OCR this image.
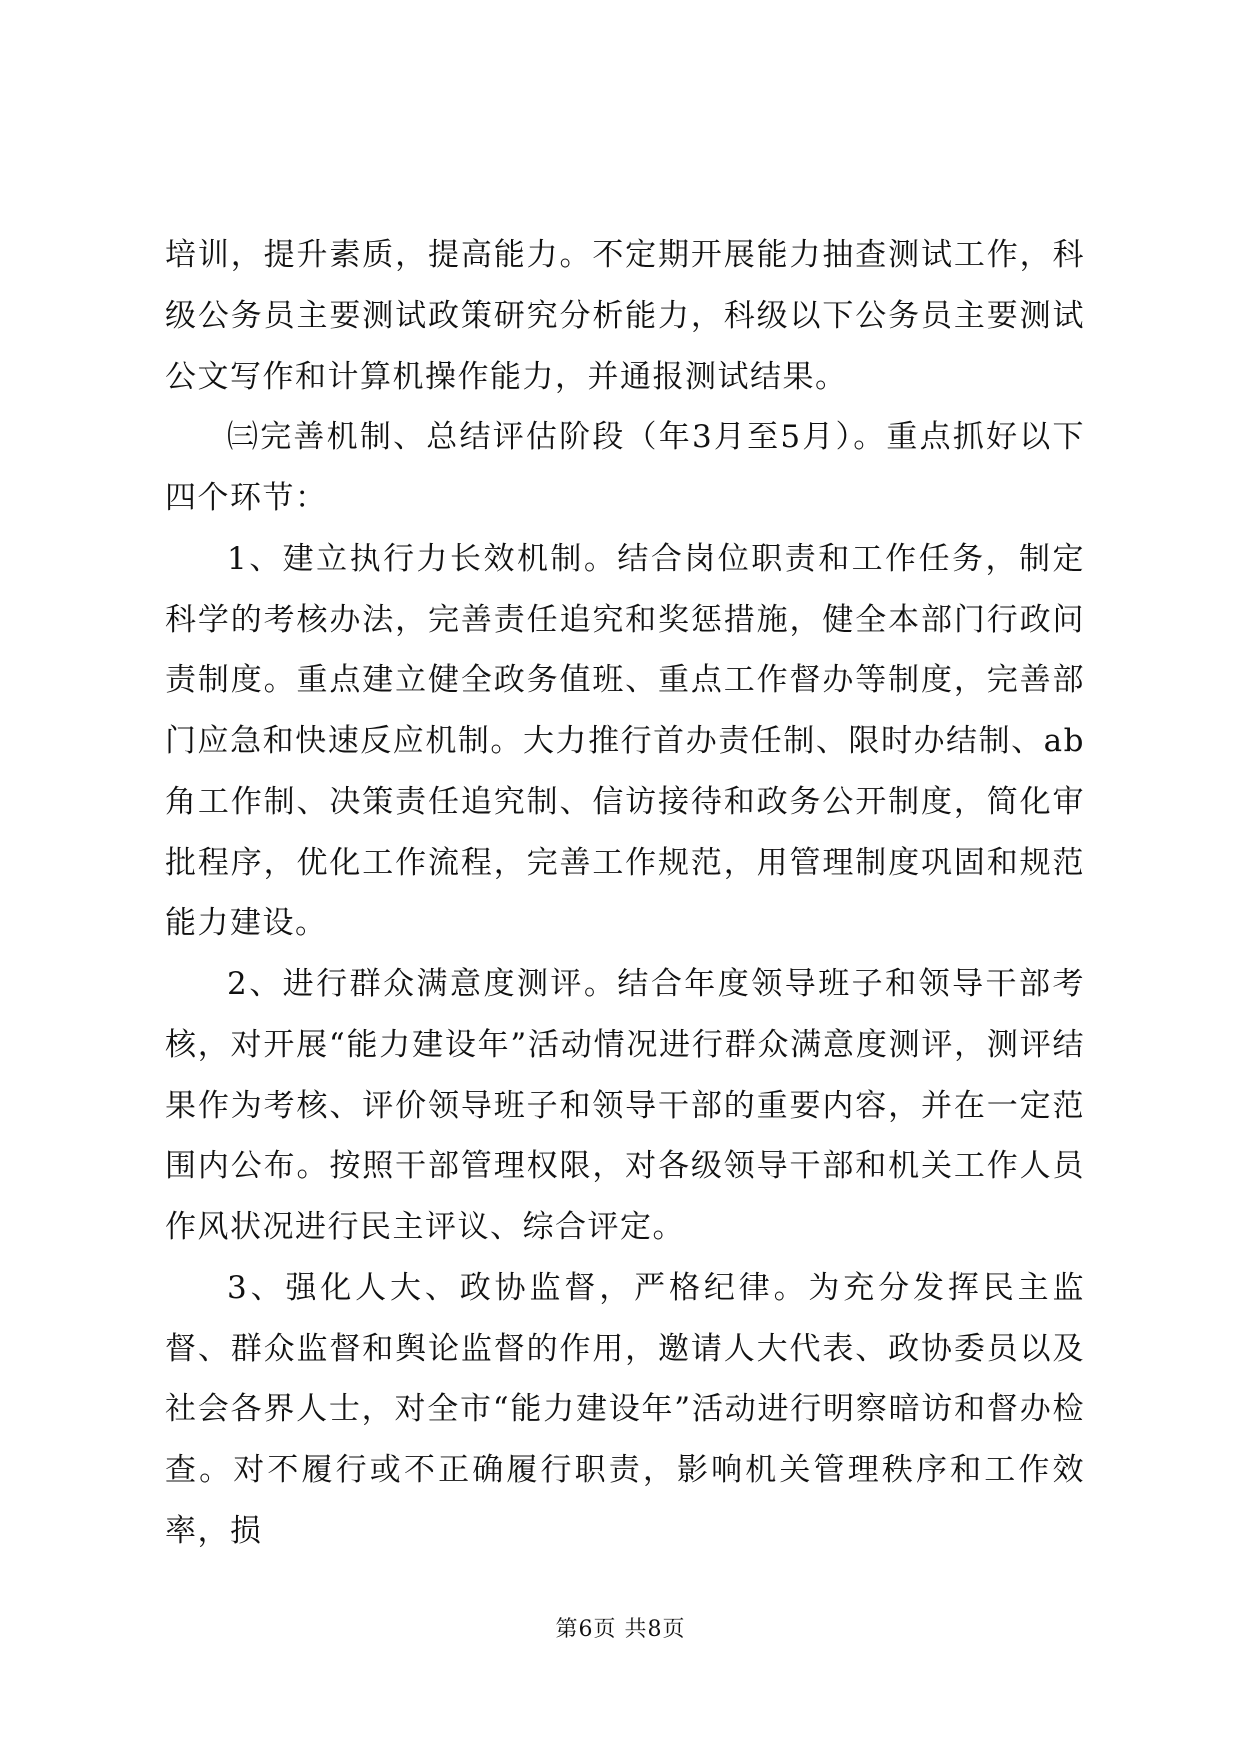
培训，提升素质，提高能力。不定期开展能力抽查测试工作，科级公务员主要测试政策研究分析能力，科级以下公务员主要测试公文写作和计算机操作能力，并通报测试结果。

㈢完善机制、总结评估阶段（年3月至5月）。重点抓好以下四个环节：

1、建立执行力长效机制。结合岗位职责和工作任务，制定科学的考核办法，完善责任追究和奖惩措施，健全本部门行政问责制度。重点建立健全政务值班、重点工作督办等制度，完善部门应急和快速反应机制。大力推行首办责任制、限时办结制、ab角工作制、决策责任追究制、信访接待和政务公开制度，简化审批程序，优化工作流程，完善工作规范，用管理制度巩固和规范能力建设。

2、进行群众满意度测评。结合年度领导班子和领导干部考核，对开展“能力建设年”活动情况进行群众满意度测评，测评结果作为考核、评价领导班子和领导干部的重要内容，并在一定范围内公布。按照干部管理权限，对各级领导干部和机关工作人员作风状况进行民主评议、综合评定。

3、强化人大、政协监督，严格纪律。为充分发挥民主监督、群众监督和舆论监督的作用，邀请人大代表、政协委员以及社会各界人士，对全市“能力建设年”活动进行明察暗访和督办检查。对不履行或不正确履行职责，影响机关管理秩序和工作效率，损

第6页 共8页
